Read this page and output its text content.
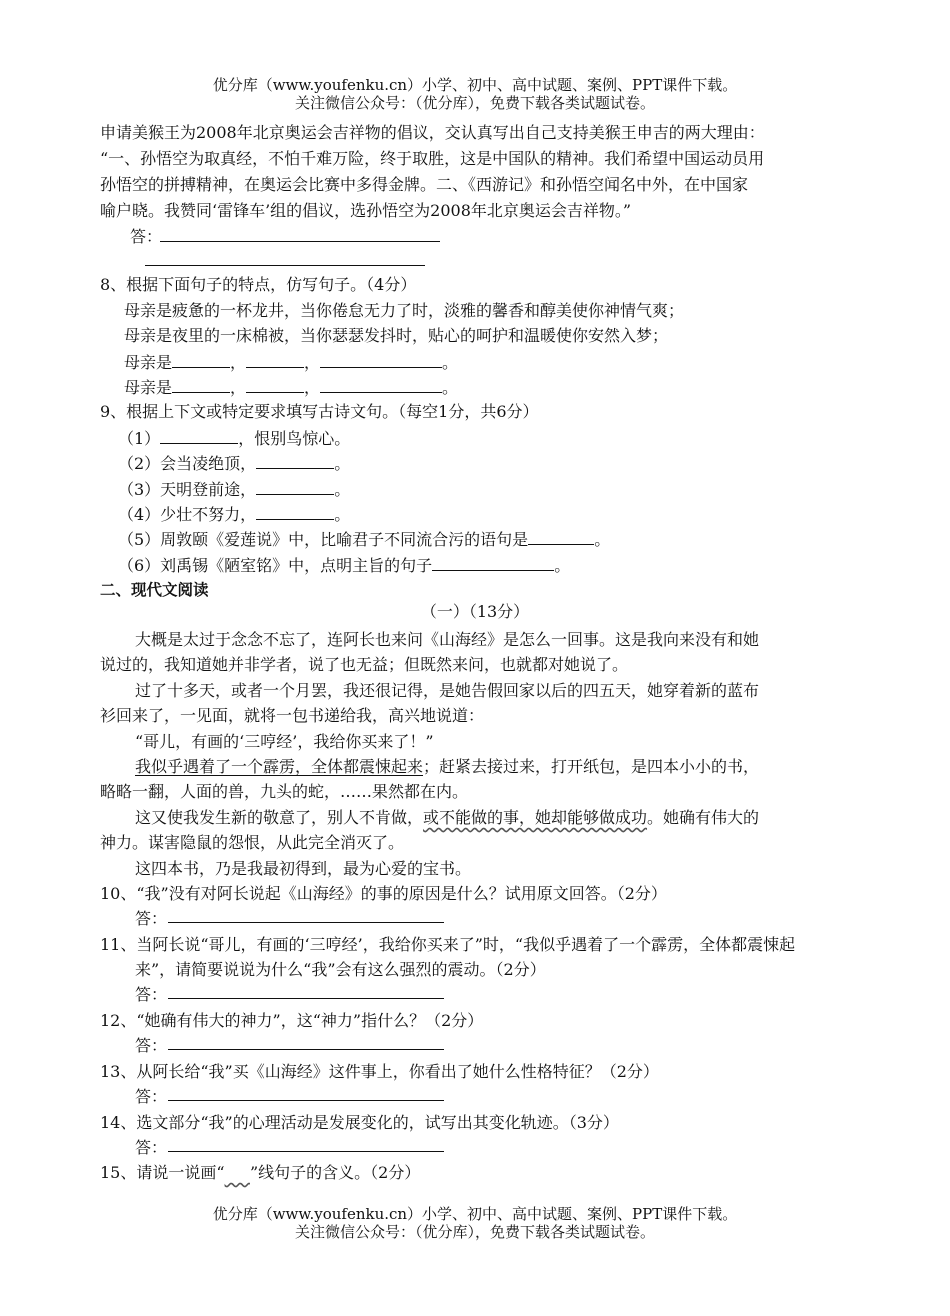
优分库（www.youfenku.cn）小学、初中、高中试题、案例、PPT课件下载。
关注微信公众号：（优分库），免费下载各类试题试卷。
申请美猴王为2008年北京奥运会吉祥物的倡议，交认真写出自己支持美猴王申吉的两大理由：
“一、孙悟空为取真经，不怕千难万险，终于取胜，这是中国队的精神。我们希望中国运动员用
孙悟空的拼搏精神，在奥运会比赛中多得金牌。二、《西游记》和孙悟空闻名中外，在中国家
喻户晓。我赞同‘雷锋车’组的倡议，选孙悟空为2008年北京奥运会吉祥物。”
答：
8、根据下面句子的特点，仿写句子。（4分）
母亲是疲惫的一杯龙井，当你倦怠无力了时，淡雅的馨香和醇美使你神情气爽；
母亲是夜里的一床棉被，当你瑟瑟发抖时，贴心的呵护和温暖使你安然入梦；
母亲是	，	，	。
母亲是	，	，	。
9、根据上下文或特定要求填写古诗文句。（每空1分，共6分）
（1）	，恨别鸟惊心。
（2）会当凌绝顶，	。
（3）天明登前途，	。
（4）少壮不努力，	。
（5）周敦颐《爱莲说》中，比喻君子不同流合污的语句是	。
（6）刘禹锡《陋室铭》中，点明主旨的句子	。
二、现代文阅读
（一）（13分）
大概是太过于念念不忘了，连阿长也来问《山海经》是怎么一回事。这是我向来没有和她
说过的，我知道她并非学者，说了也无益；但既然来问，也就都对她说了。
过了十多天，或者一个月罢，我还很记得，是她告假回家以后的四五天，她穿着新的蓝布
衫回来了，一见面，就将一包书递给我，高兴地说道：
“哥儿，有画的‘三哼经’，我给你买来了！”
我似乎遇着了一个霹雳，全体都震悚起来；赶紧去接过来，打开纸包，是四本小小的书，
略略一翻，人面的兽，九头的蛇，……果然都在内。
这又使我发生新的敬意了，别人不肯做，或不能做的事，她却能够做成功。她确有伟大的
神力。谋害隐鼠的怨恨，从此完全消灭了。
这四本书，乃是我最初得到，最为心爱的宝书。
10、“我”没有对阿长说起《山海经》的事的原因是什么？试用原文回答。（2分）
答：
11、当阿长说“哥儿，有画的‘三哼经’，我给你买来了”时，“我似乎遇着了一个霹雳，全体都震悚起
来”，请简要说说为什么“我”会有这么强烈的震动。（2分）
答：
12、“她确有伟大的神力”，这“神力”指什么？（2分）
答：
13、从阿长给“我”买《山海经》这件事上，你看出了她什么性格特征？（2分）
答：
14、选文部分“我”的心理活动是发展变化的，试写出其变化轨迹。（3分）
答：
15、请说一说画“ ”线句子的含义。（2分）
优分库（www.youfenku.cn）小学、初中、高中试题、案例、PPT课件下载。
关注微信公众号：（优分库），免费下载各类试题试卷。
